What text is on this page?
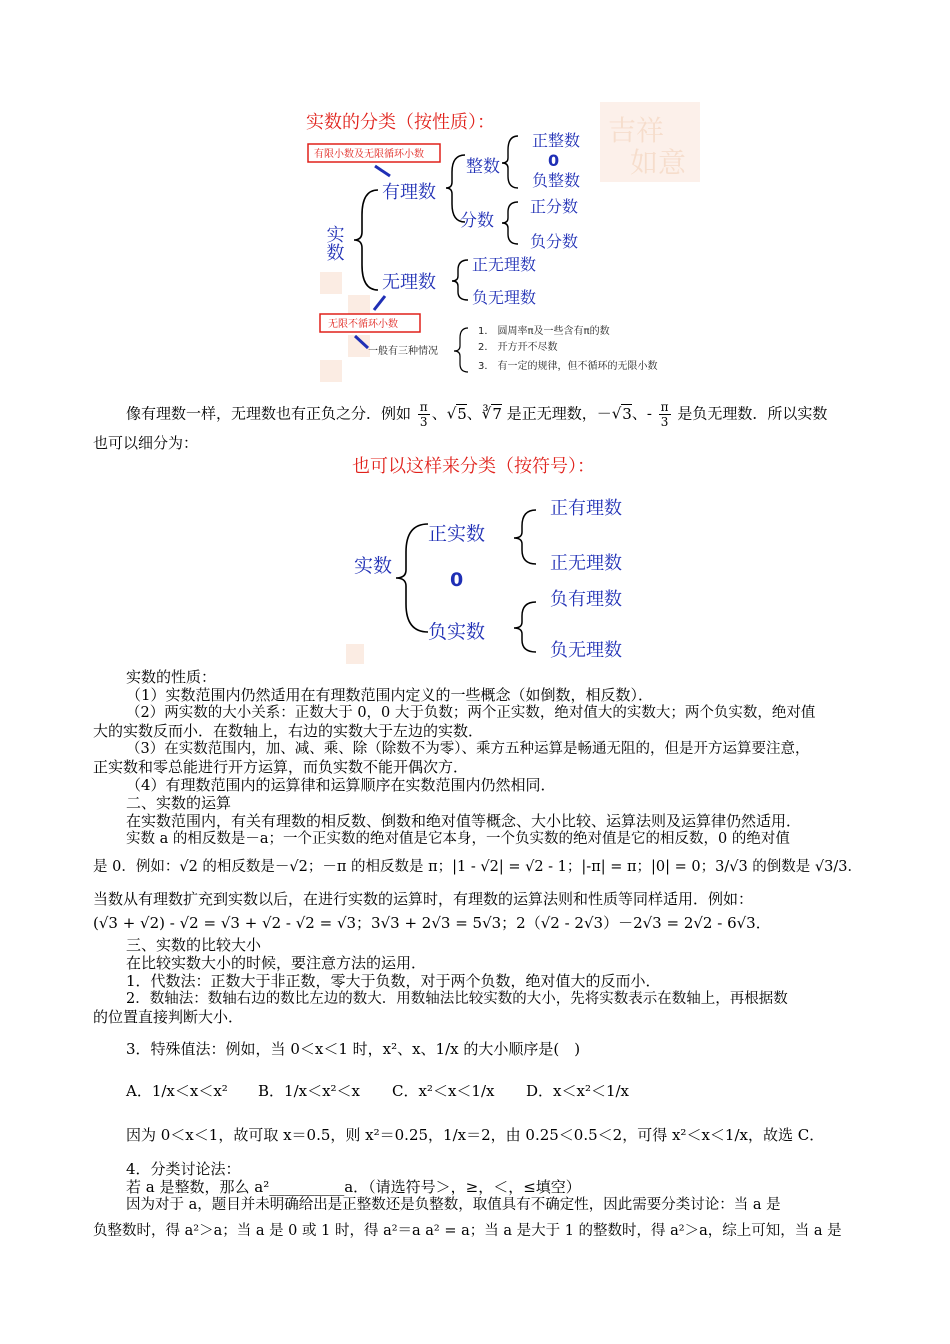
吉祥
如意
实数的分类（按性质）：
有限小数及无限循环小数
实数
有理数
整数
分数
正整数
0
负整数
正分数
负分数
无理数
正无理数
负无理数
无限不循环小数
一般有三种情况
1． 圆周率π及一些含有π的数
2． 开方开不尽数
3． 有一定的规律，但不循环的无限小数
像有理数一样，无理数也有正负之分．例如 $\frac{\pi}{3}$ 、√5、∛7 是正无理数，－√3、- $\frac{\pi}{3}$ 是负无理数．所以实数
也可以细分为：
也可以这样来分类（按符号）：
实数
正实数
0
负实数
正有理数
正无理数
负有理数
负无理数
实数的性质：
（1）实数范围内仍然适用在有理数范围内定义的一些概念（如倒数，相反数）．
（2）两实数的大小关系：正数大于 0，0 大于负数；两个正实数，绝对值大的实数大；两个负实数，绝对值
大的实数反而小．在数轴上，右边的实数大于左边的实数．
（3）在实数范围内，加、减、乘、除（除数不为零）、乘方五种运算是畅通无阻的，但是开方运算要注意，
正实数和零总能进行开方运算，而负实数不能开偶次方．
（4）有理数范围内的运算律和运算顺序在实数范围内仍然相同．
二、实数的运算
在实数范围内，有关有理数的相反数、倒数和绝对值等概念、大小比较、运算法则及运算律仍然适用．
实数 a 的相反数是－a；一个正实数的绝对值是它本身，一个负实数的绝对值是它的相反数，0 的绝对值
是 0．例如：√2 的相反数是－√2；－π 的相反数是 π；|1 - √2| = √2 - 1；|-π| = π；|0| = 0；3/√3 的倒数是 √3/3．
当数从有理数扩充到实数以后，在进行实数的运算时，有理数的运算法则和性质等同样适用．例如：
(√3 + √2) - √2 = √3 + √2 - √2 = √3；3√3 + 2√3 = 5√3；2（√2 - 2√3）－2√3 = 2√2 - 6√3．
三、实数的比较大小
在比较实数大小的时候，要注意方法的运用．
1．代数法：正数大于非正数，零大于负数，对于两个负数，绝对值大的反而小．
2．数轴法：数轴右边的数比左边的数大．用数轴法比较实数的大小，先将实数表示在数轴上，再根据数
的位置直接判断大小．
3．特殊值法：例如，当 0＜x＜1 时，x²、x、1/x 的大小顺序是(　)
A．1/x＜x＜x² B．1/x＜x²＜x C．x²＜x＜1/x D．x＜x²＜1/x
因为 0＜x＜1，故可取 x＝0.5，则 x²＝0.25，1/x＝2，由 0.25＜0.5＜2，可得 x²＜x＜1/x，故选 C．
4．分类讨论法：
若 a 是整数，那么 a²__________a．（请选符号＞，≥，＜，≤填空）
因为对于 a，题目并未明确给出是正整数还是负整数，取值具有不确定性，因此需要分类讨论：当 a 是
负整数时，得 a²＞a；当 a 是 0 或 1 时，得 a²＝a a² = a；当 a 是大于 1 的整数时，得 a²＞a，综上可知，当 a 是
